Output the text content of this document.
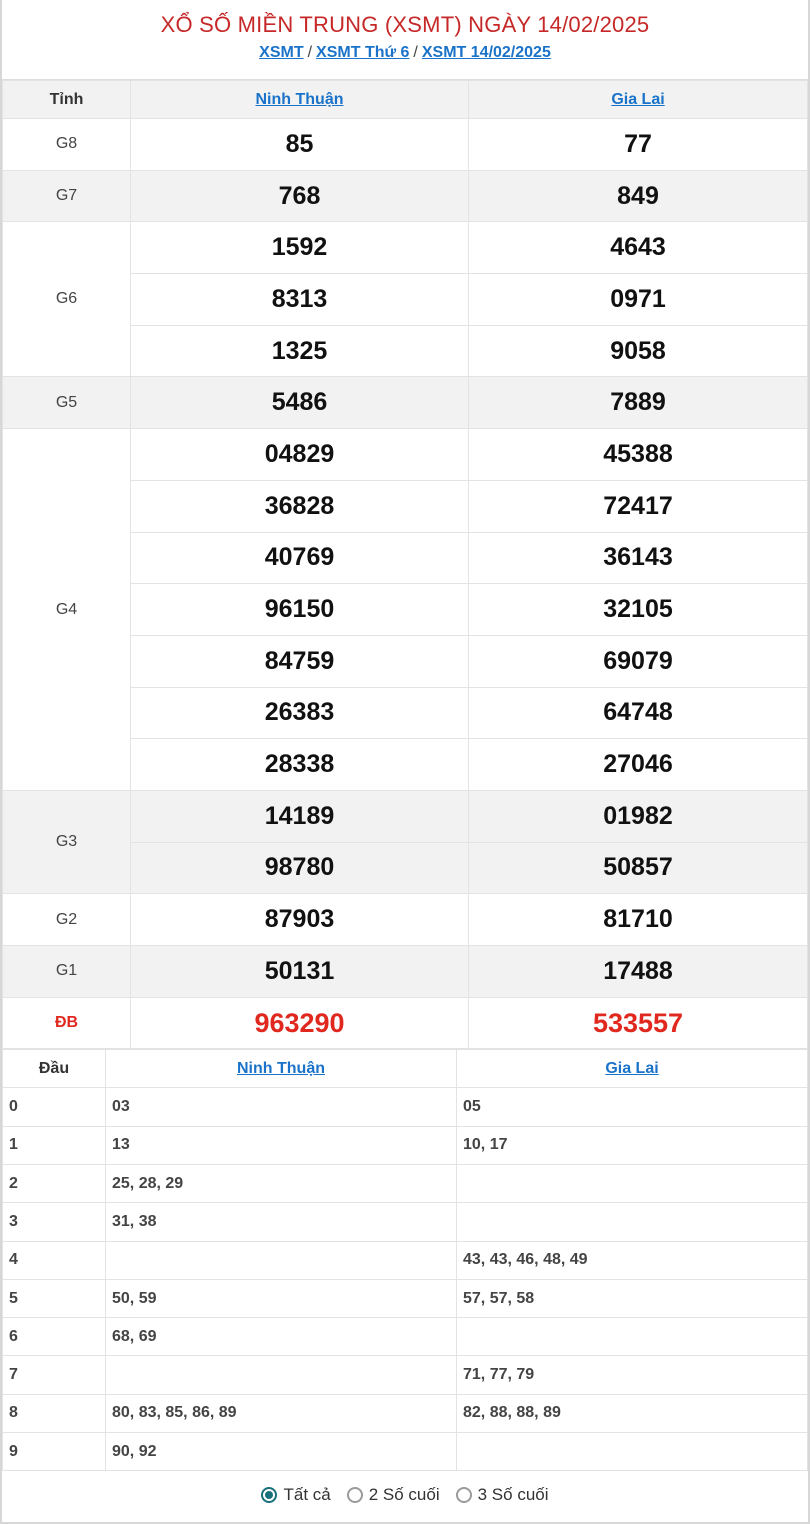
XỔ SỐ MIỀN TRUNG (XSMT) NGÀY 14/02/2025
XSMT / XSMT Thứ 6 / XSMT 14/02/2025
Tỉnh	Ninh Thuận	Gia Lai
G8	85	77
G7	768	849
G6	1592	4643
	8313	0971
	1325	9058
G5	5486	7889
G4	04829	45388
	36828	72417
	40769	36143
	96150	32105
	84759	69079
	26383	64748
	28338	27046
G3	14189	01982
	98780	50857
G2	87903	81710
G1	50131	17488
ĐB	963290	533557
Đầu	Ninh Thuận	Gia Lai
0	03	05
1	13	10, 17
2	25, 28, 29	
3	31, 38	
4		43, 43, 46, 48, 49
5	50, 59	57, 57, 58
6	68, 69	
7		71, 77, 79
8	80, 83, 85, 86, 89	82, 88, 88, 89
9	90, 92	
Tất cả 2 Số cuối 3 Số cuối
